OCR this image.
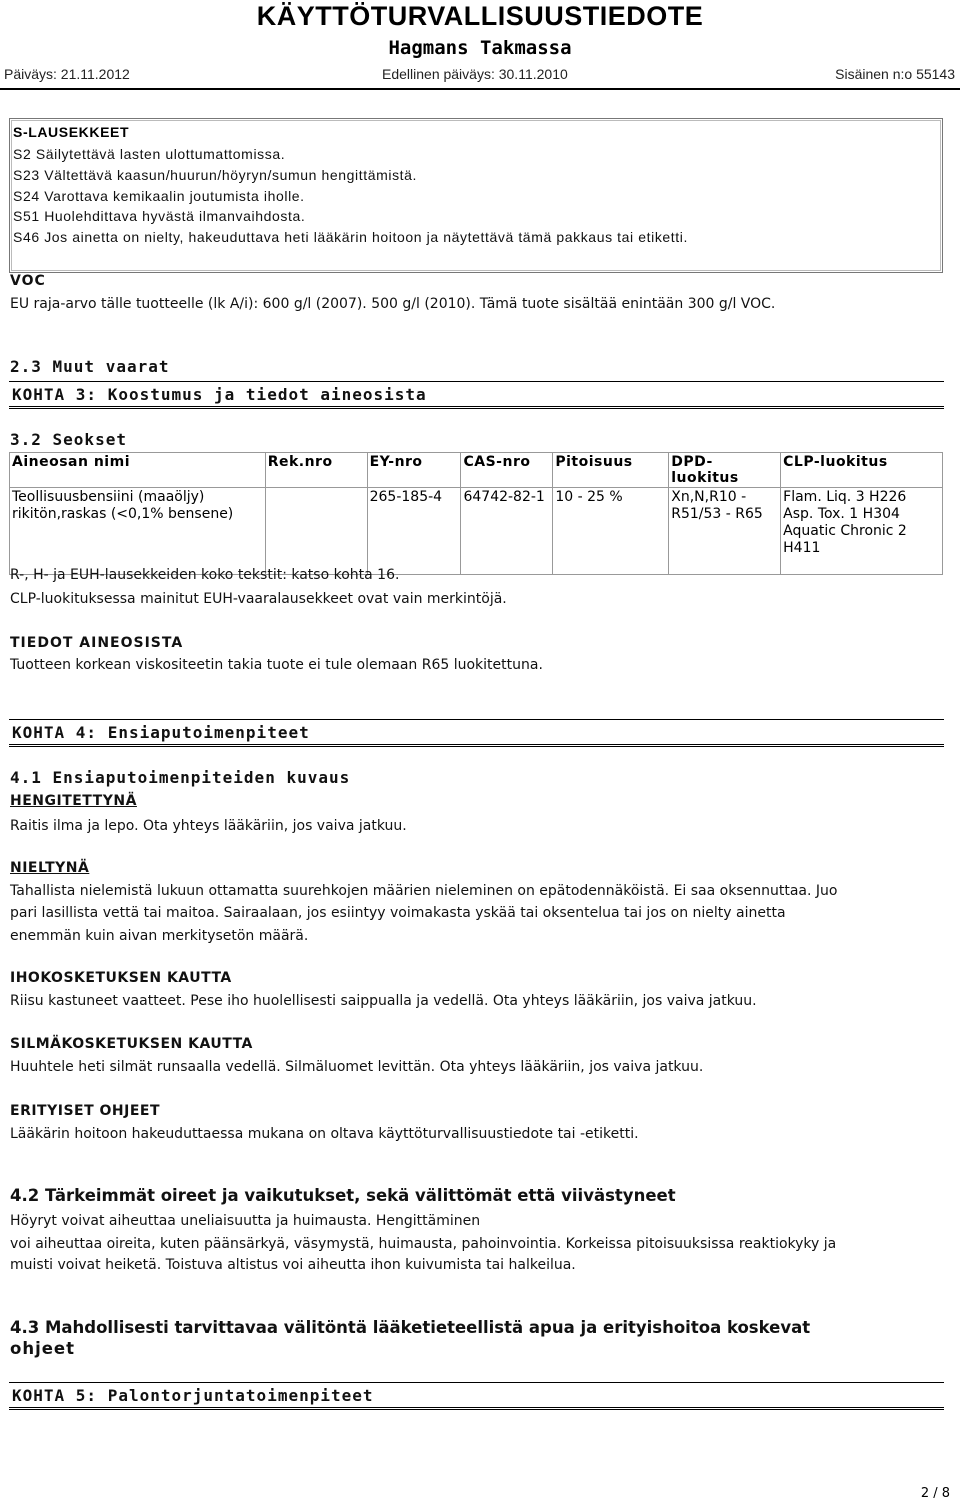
KÄYTTÖTURVALLISUUSTIEDOTE
Hagmans Takmassa
Päiväys: 21.11.2012	Edellinen päiväys: 30.11.2010	Sisäinen n:o 55143
S-LAUSEKKEET
S2 Säilytettävä lasten ulottumattomissa.
S23 Vältettävä kaasun/huurun/höyryn/sumun hengittämistä.
S24 Varottava kemikaalin joutumista iholle.
S51 Huolehdittava hyvästä ilmanvaihdosta.
S46 Jos ainetta on nielty, hakeuduttava heti lääkärin hoitoon ja näytettävä tämä pakkaus tai etiketti.
VOC
EU raja-arvo tälle tuotteelle (lk A/i): 600 g/l (2007). 500 g/l (2010). Tämä tuote sisältää enintään 300 g/l VOC.
2.3 Muut vaarat
KOHTA 3: Koostumus ja tiedot aineosista
3.2 Seokset
Aineosan nimi	Rek.nro	EY-nro	CAS-nro	Pitoisuus	DPD-luokitus	CLP-luokitus
Teollisuusbensiini (maaöljy) rikitön,raskas (<0,1% bensene)		265-185-4	64742-82-1	10 - 25 %	Xn,N,R10 - R51/53 - R65	Flam. Liq. 3 H226 Asp. Tox. 1 H304 Aquatic Chronic 2 H411
R-, H- ja EUH-lausekkeiden koko tekstit: katso kohta 16.
CLP-luokituksessa mainitut EUH-vaaralausekkeet ovat vain merkintöjä.
TIEDOT AINEOSISTA
Tuotteen korkean viskositeetin takia tuote ei tule olemaan R65 luokitettuna.
KOHTA 4: Ensiaputoimenpiteet
4.1 Ensiaputoimenpiteiden kuvaus
HENGITETTYNÄ
Raitis ilma ja lepo. Ota yhteys lääkäriin, jos vaiva jatkuu.
NIELTYNÄ
Tahallista nielemistä lukuun ottamatta suurehkojen määrien nieleminen on epätodennäköistä. Ei saa oksennuttaa. Juo
pari lasillista vettä tai maitoa. Sairaalaan, jos esiintyy voimakasta yskää tai oksentelua tai jos on nielty ainetta
enemmän kuin aivan merkitysetön määrä.
IHOKOSKETUKSEN KAUTTA
Riisu kastuneet vaatteet. Pese iho huolellisesti saippualla ja vedellä. Ota yhteys lääkäriin, jos vaiva jatkuu.
SILMÄKOSKETUKSEN KAUTTA
Huuhtele heti silmät runsaalla vedellä. Silmäluomet levittän. Ota yhteys lääkäriin, jos vaiva jatkuu.
ERITYISET OHJEET
Lääkärin hoitoon hakeuduttaessa mukana on oltava käyttöturvallisuustiedote tai -etiketti.
4.2 Tärkeimmät oireet ja vaikutukset, sekä välittömät että viivästyneet
Höyryt voivat aiheuttaa uneliaisuutta ja huimausta. Hengittäminen
voi aiheuttaa oireita, kuten päänsärkyä, väsymystä, huimausta, pahoinvointia. Korkeissa pitoisuuksissa reaktiokyky ja
muisti voivat heiketä. Toistuva altistus voi aiheutta ihon kuivumista tai halkeilua.
4.3 Mahdollisesti tarvittavaa välitöntä lääketieteellistä apua ja erityishoitoa koskevat
ohjeet
KOHTA 5: Palontorjuntatoimenpiteet
2 / 8
